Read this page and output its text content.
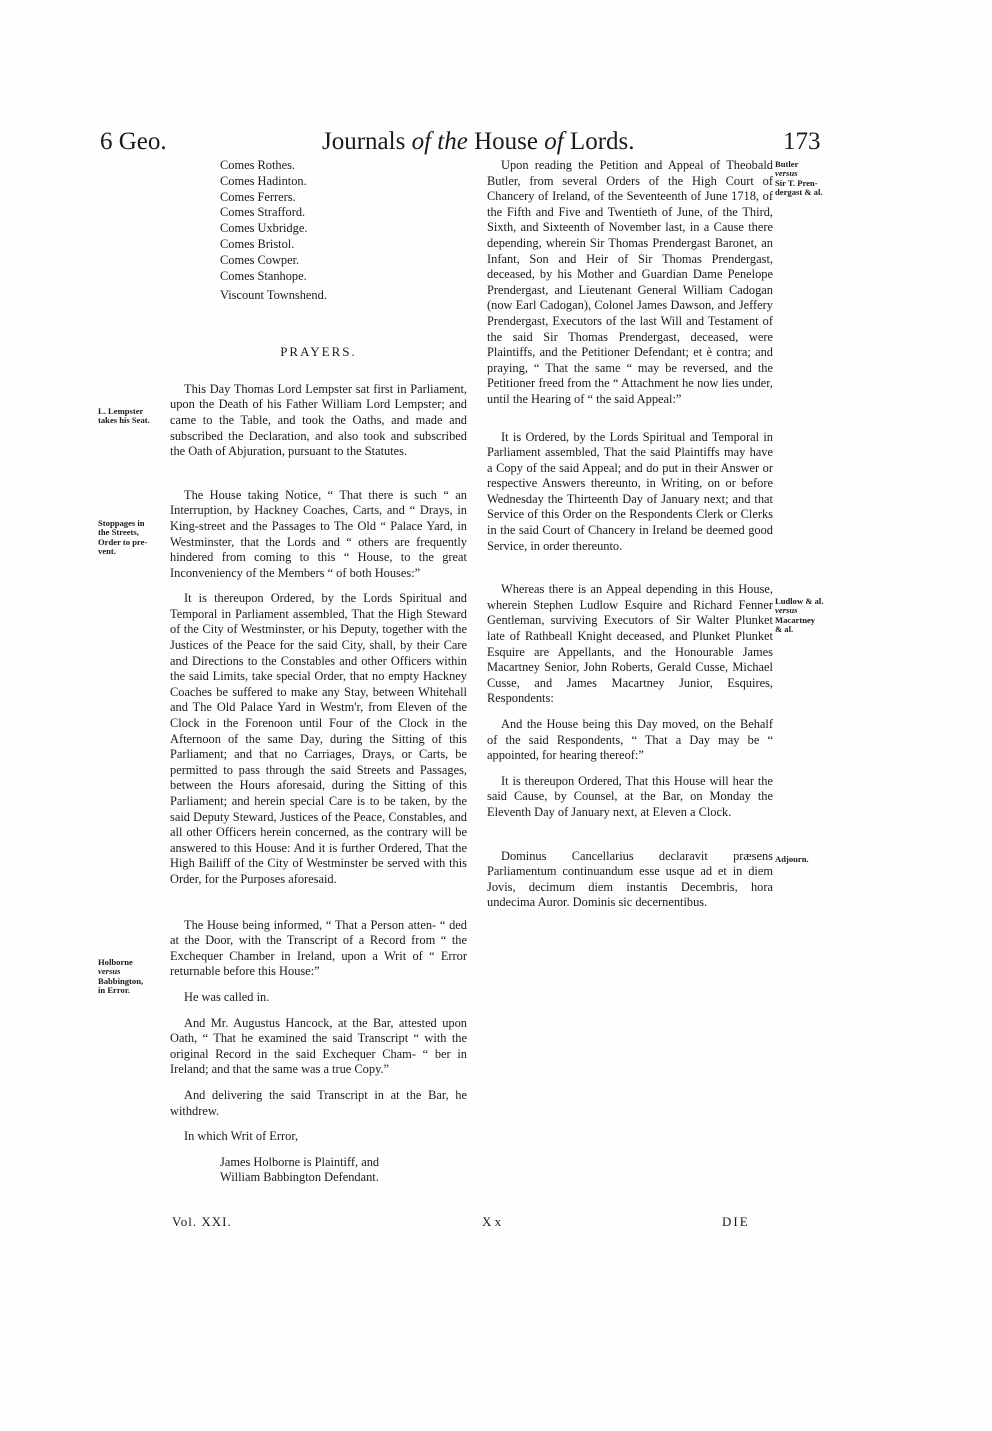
6 Geo.	Journals of the House of Lords.	173
L. Lempster
takes his Seat.
Stoppages in
the Streets,
Order to pre-
vent.
Holborne
versus
Babbington,
in Error.
Butler
versus
Sir T. Pren-
dergast & al.
Ludlow & al.
versus
Macartney
& al.
Adjourn.
Comes Rothes.
Comes Hadinton.
Comes Ferrers.
Comes Strafford.
Comes Uxbridge.
Comes Bristol.
Comes Cowper.
Comes Stanhope.
Viscount Townshend.
PRAYERS.

This Day Thomas Lord Lempster sat first in Parliament, upon the Death of his Father William Lord Lempster; and came to the Table, and took the Oaths, and made and subscribed the Declaration, and also took and subscribed the Oath of Abjuration, pursuant to the Statutes.

The House taking Notice, “ That there is such “ an Interruption, by Hackney Coaches, Carts, and “ Drays, in King-street and the Passages to The Old “ Palace Yard, in Westminster, that the Lords and “ others are frequently hindered from coming to this “ House, to the great Inconveniency of the Members “ of both Houses:”

It is thereupon Ordered, by the Lords Spiritual and Temporal in Parliament assembled, That the High Steward of the City of Westminster, or his Deputy, together with the Justices of the Peace for the said City, shall, by their Care and Directions to the Constables and other Officers within the said Limits, take special Order, that no empty Hackney Coaches be suffered to make any Stay, between Whitehall and The Old Palace Yard in Westm'r, from Eleven of the Clock in the Forenoon until Four of the Clock in the Afternoon of the same Day, during the Sitting of this Parliament; and that no Carriages, Drays, or Carts, be permitted to pass through the said Streets and Passages, between the Hours aforesaid, during the Sitting of this Parliament; and herein special Care is to be taken, by the said Deputy Steward, Justices of the Peace, Constables, and all other Officers herein concerned, as the contrary will be answered to this House: And it is further Ordered, That the High Bailiff of the City of Westminster be served with this Order, for the Purposes aforesaid.

The House being informed, “ That a Person atten- “ ded at the Door, with the Transcript of a Record from “ the Exchequer Chamber in Ireland, upon a Writ of “ Error returnable before this House:”

He was called in.

And Mr. Augustus Hancock, at the Bar, attested upon Oath, “ That he examined the said Transcript “ with the original Record in the said Exchequer Cham- “ ber in Ireland; and that the same was a true Copy.”

And delivering the said Transcript in at the Bar, he withdrew.

In which Writ of Error,

James Holborne is Plaintiff, and
William Babbington Defendant.

Upon reading the Petition and Appeal of Theobald Butler, from several Orders of the High Court of Chancery of Ireland, of the Seventeenth of June 1718, of the Fifth and Five and Twentieth of June, of the Third, Sixth, and Sixteenth of November last, in a Cause there depending, wherein Sir Thomas Prendergast Baronet, an Infant, Son and Heir of Sir Thomas Prendergast, deceased, by his Mother and Guardian Dame Penelope Prendergast, and Lieutenant General William Cadogan (now Earl Cadogan), Colonel James Dawson, and Jeffery Prendergast, Executors of the last Will and Testament of the said Sir Thomas Prendergast, deceased, were Plaintiffs, and the Petitioner Defendant; et è contra; and praying, “ That the same “ may be reversed, and the Petitioner freed from the “ Attachment he now lies under, until the Hearing of “ the said Appeal:”

It is Ordered, by the Lords Spiritual and Temporal in Parliament assembled, That the said Plaintiffs may have a Copy of the said Appeal; and do put in their Answer or respective Answers thereunto, in Writing, on or before Wednesday the Thirteenth Day of January next; and that Service of this Order on the Respondents Clerk or Clerks in the said Court of Chancery in Ireland be deemed good Service, in order thereunto.

Whereas there is an Appeal depending in this House, wherein Stephen Ludlow Esquire and Richard Fenner Gentleman, surviving Executors of Sir Walter Plunket late of Rathbeall Knight deceased, and Plunket Plunket Esquire are Appellants, and the Honourable James Macartney Senior, John Roberts, Gerald Cusse, Michael Cusse, and James Macartney Junior, Esquires, Respondents:

And the House being this Day moved, on the Behalf of the said Respondents, “ That a Day may be “ appointed, for hearing thereof:”

It is thereupon Ordered, That this House will hear the said Cause, by Counsel, at the Bar, on Monday the Eleventh Day of January next, at Eleven a Clock.

Dominus Cancellarius declaravit præsens Parliamentum continuandum esse usque ad et in diem Jovis, decimum diem instantis Decembris, hora undecima Auror. Dominis sic decernentibus.

Vol. XXI.	X x	DIE
